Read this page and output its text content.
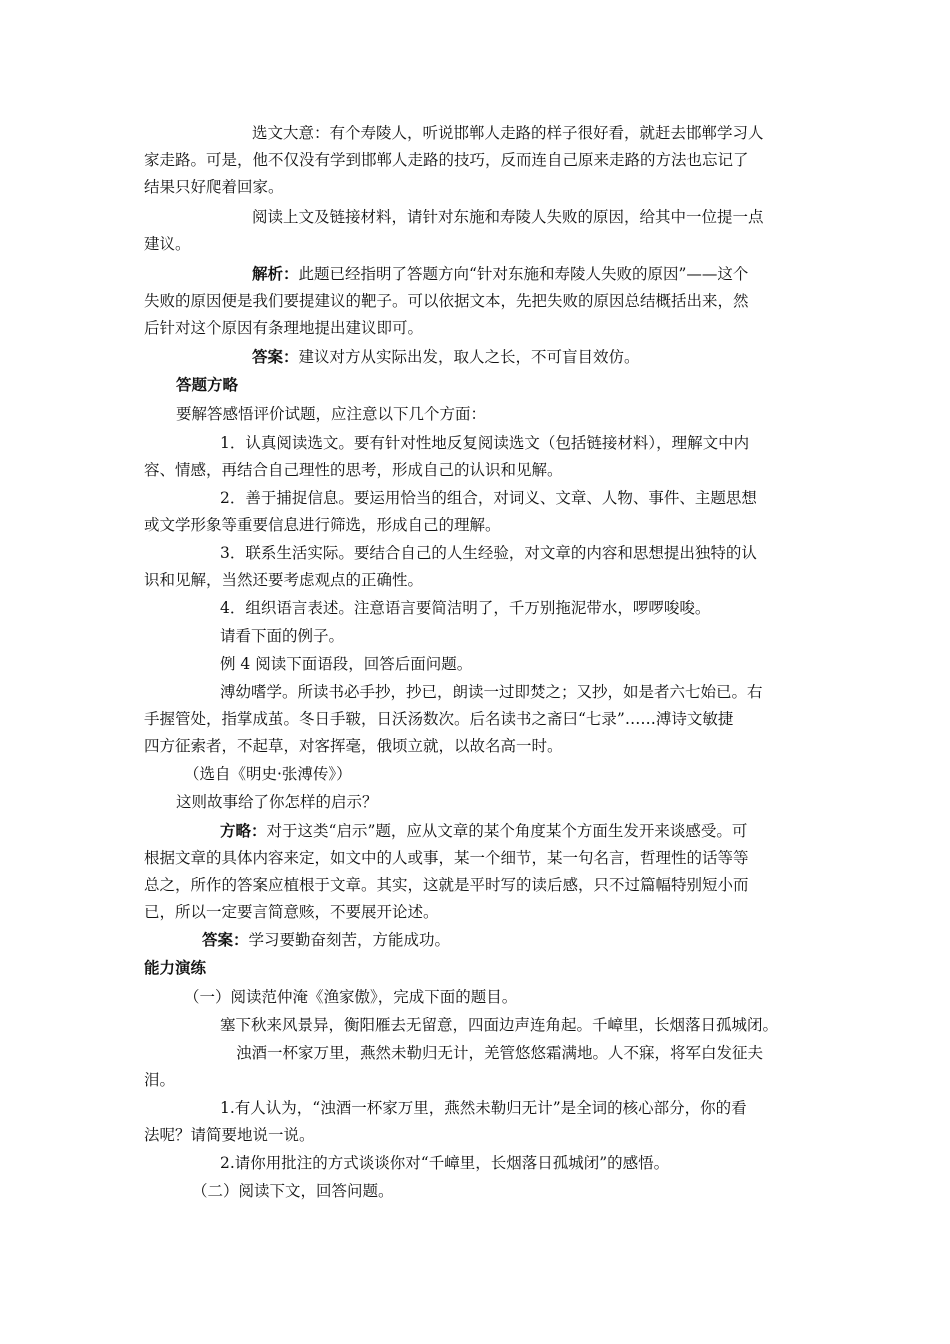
选文大意：有个寿陵人，听说邯郸人走路的样子很好看，就赶去邯郸学习人

家走路。可是，他不仅没有学到邯郸人走路的技巧，反而连自己原来走路的方法也忘记了

结果只好爬着回家。

阅读上文及链接材料，请针对东施和寿陵人失败的原因，给其中一位提一点

建议。

解析：此题已经指明了答题方向“针对东施和寿陵人失败的原因”——这个

失败的原因便是我们要提建议的靶子。可以依据文本，先把失败的原因总结概括出来，然

后针对这个原因有条理地提出建议即可。

答案：建议对方从实际出发，取人之长，不可盲目效仿。

答题方略

要解答感悟评价试题，应注意以下几个方面：

1．认真阅读选文。要有针对性地反复阅读选文（包括链接材料），理解文中内

容、情感，再结合自己理性的思考，形成自己的认识和见解。

2．善于捕捉信息。要运用恰当的组合，对词义、文章、人物、事件、主题思想

或文学形象等重要信息进行筛选，形成自己的理解。

3．联系生活实际。要结合自己的人生经验，对文章的内容和思想提出独特的认

识和见解，当然还要考虑观点的正确性。

4．组织语言表述。注意语言要简洁明了，千万别拖泥带水，啰啰唆唆。

请看下面的例子。

例 4 阅读下面语段，回答后面问题。

溥幼嗜学。所读书必手抄，抄已，朗读一过即焚之；又抄，如是者六七始已。右

手握管处，指掌成茧。冬日手皲，日沃汤数次。后名读书之斋曰“七录”……溥诗文敏捷

四方征索者，不起草，对客挥毫，俄顷立就，以故名高一时。

（选自《明史·张溥传》）

这则故事给了你怎样的启示？

方略：对于这类“启示”题，应从文章的某个角度某个方面生发开来谈感受。可

根据文章的具体内容来定，如文中的人或事，某一个细节，某一句名言，哲理性的话等等

总之，所作的答案应植根于文章。其实，这就是平时写的读后感，只不过篇幅特别短小而

已，所以一定要言简意赅，不要展开论述。

答案：学习要勤奋刻苦，方能成功。

能力演练

（一）阅读范仲淹《渔家傲》，完成下面的题目。

塞下秋来风景异，衡阳雁去无留意，四面边声连角起。千嶂里，长烟落日孤城闭。

浊酒一杯家万里，燕然未勒归无计，羌管悠悠霜满地。人不寐，将军白发征夫

泪。

1.有人认为，“浊酒一杯家万里，燕然未勒归无计”是全词的核心部分，你的看

法呢？请简要地说一说。

2.请你用批注的方式谈谈你对“千嶂里，长烟落日孤城闭”的感悟。

（二）阅读下文，回答问题。
